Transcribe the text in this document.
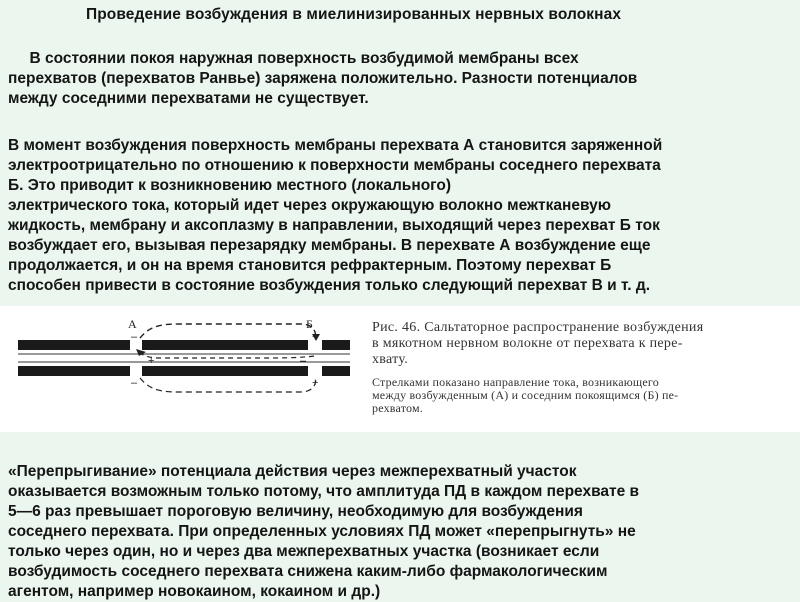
Проведение возбуждения в миелинизированных нервных волокнах
В состоянии покоя наружная поверхность возбудимой мембраны всех
перехватов (перехватов Ранвье) заряжена положительно. Разности потенциалов
между соседними перехватами не существует.
В момент возбуждения поверхность мембраны перехвата А становится заряженной
электроотрицательно по отношению к поверхности мембраны соседнего перехвата
Б. Это приводит к возникновению местного (локального)
электрического тока, который идет через окружающую волокно межтканевую
жидкость, мембрану и аксоплазму в направлении, выходящий через перехват Б ток
возбуждает его, вызывая перезарядку мембраны. В перехвате А возбуждение еще
продолжается, и он на время становится рефрактерным. Поэтому перехват Б
способен привести в состояние возбуждения только следующий перехват В и т. д.
А	Б
–
–
+
+
+	–
Рис. 46. Сальтаторное распространение возбуждения
в мякотном нервном волокне от перехвата к пере-
хвату.
Стрелками показано направление тока, возникающего
между возбужденным (А) и соседним покоящимся (Б) пе-
рехватом.
«Перепрыгивание» потенциала действия через межперехватный участок
оказывается возможным только потому, что амплитуда ПД в каждом перехвате в
5—6 раз превышает пороговую величину, необходимую для возбуждения
соседнего перехвата. При определенных условиях ПД может «перепрыгнуть» не
только через один, но и через два межперехватных участка (возникает если
возбудимость соседнего перехвата снижена каким-либо фармакологическим
агентом, например новокаином, кокаином и др.)
